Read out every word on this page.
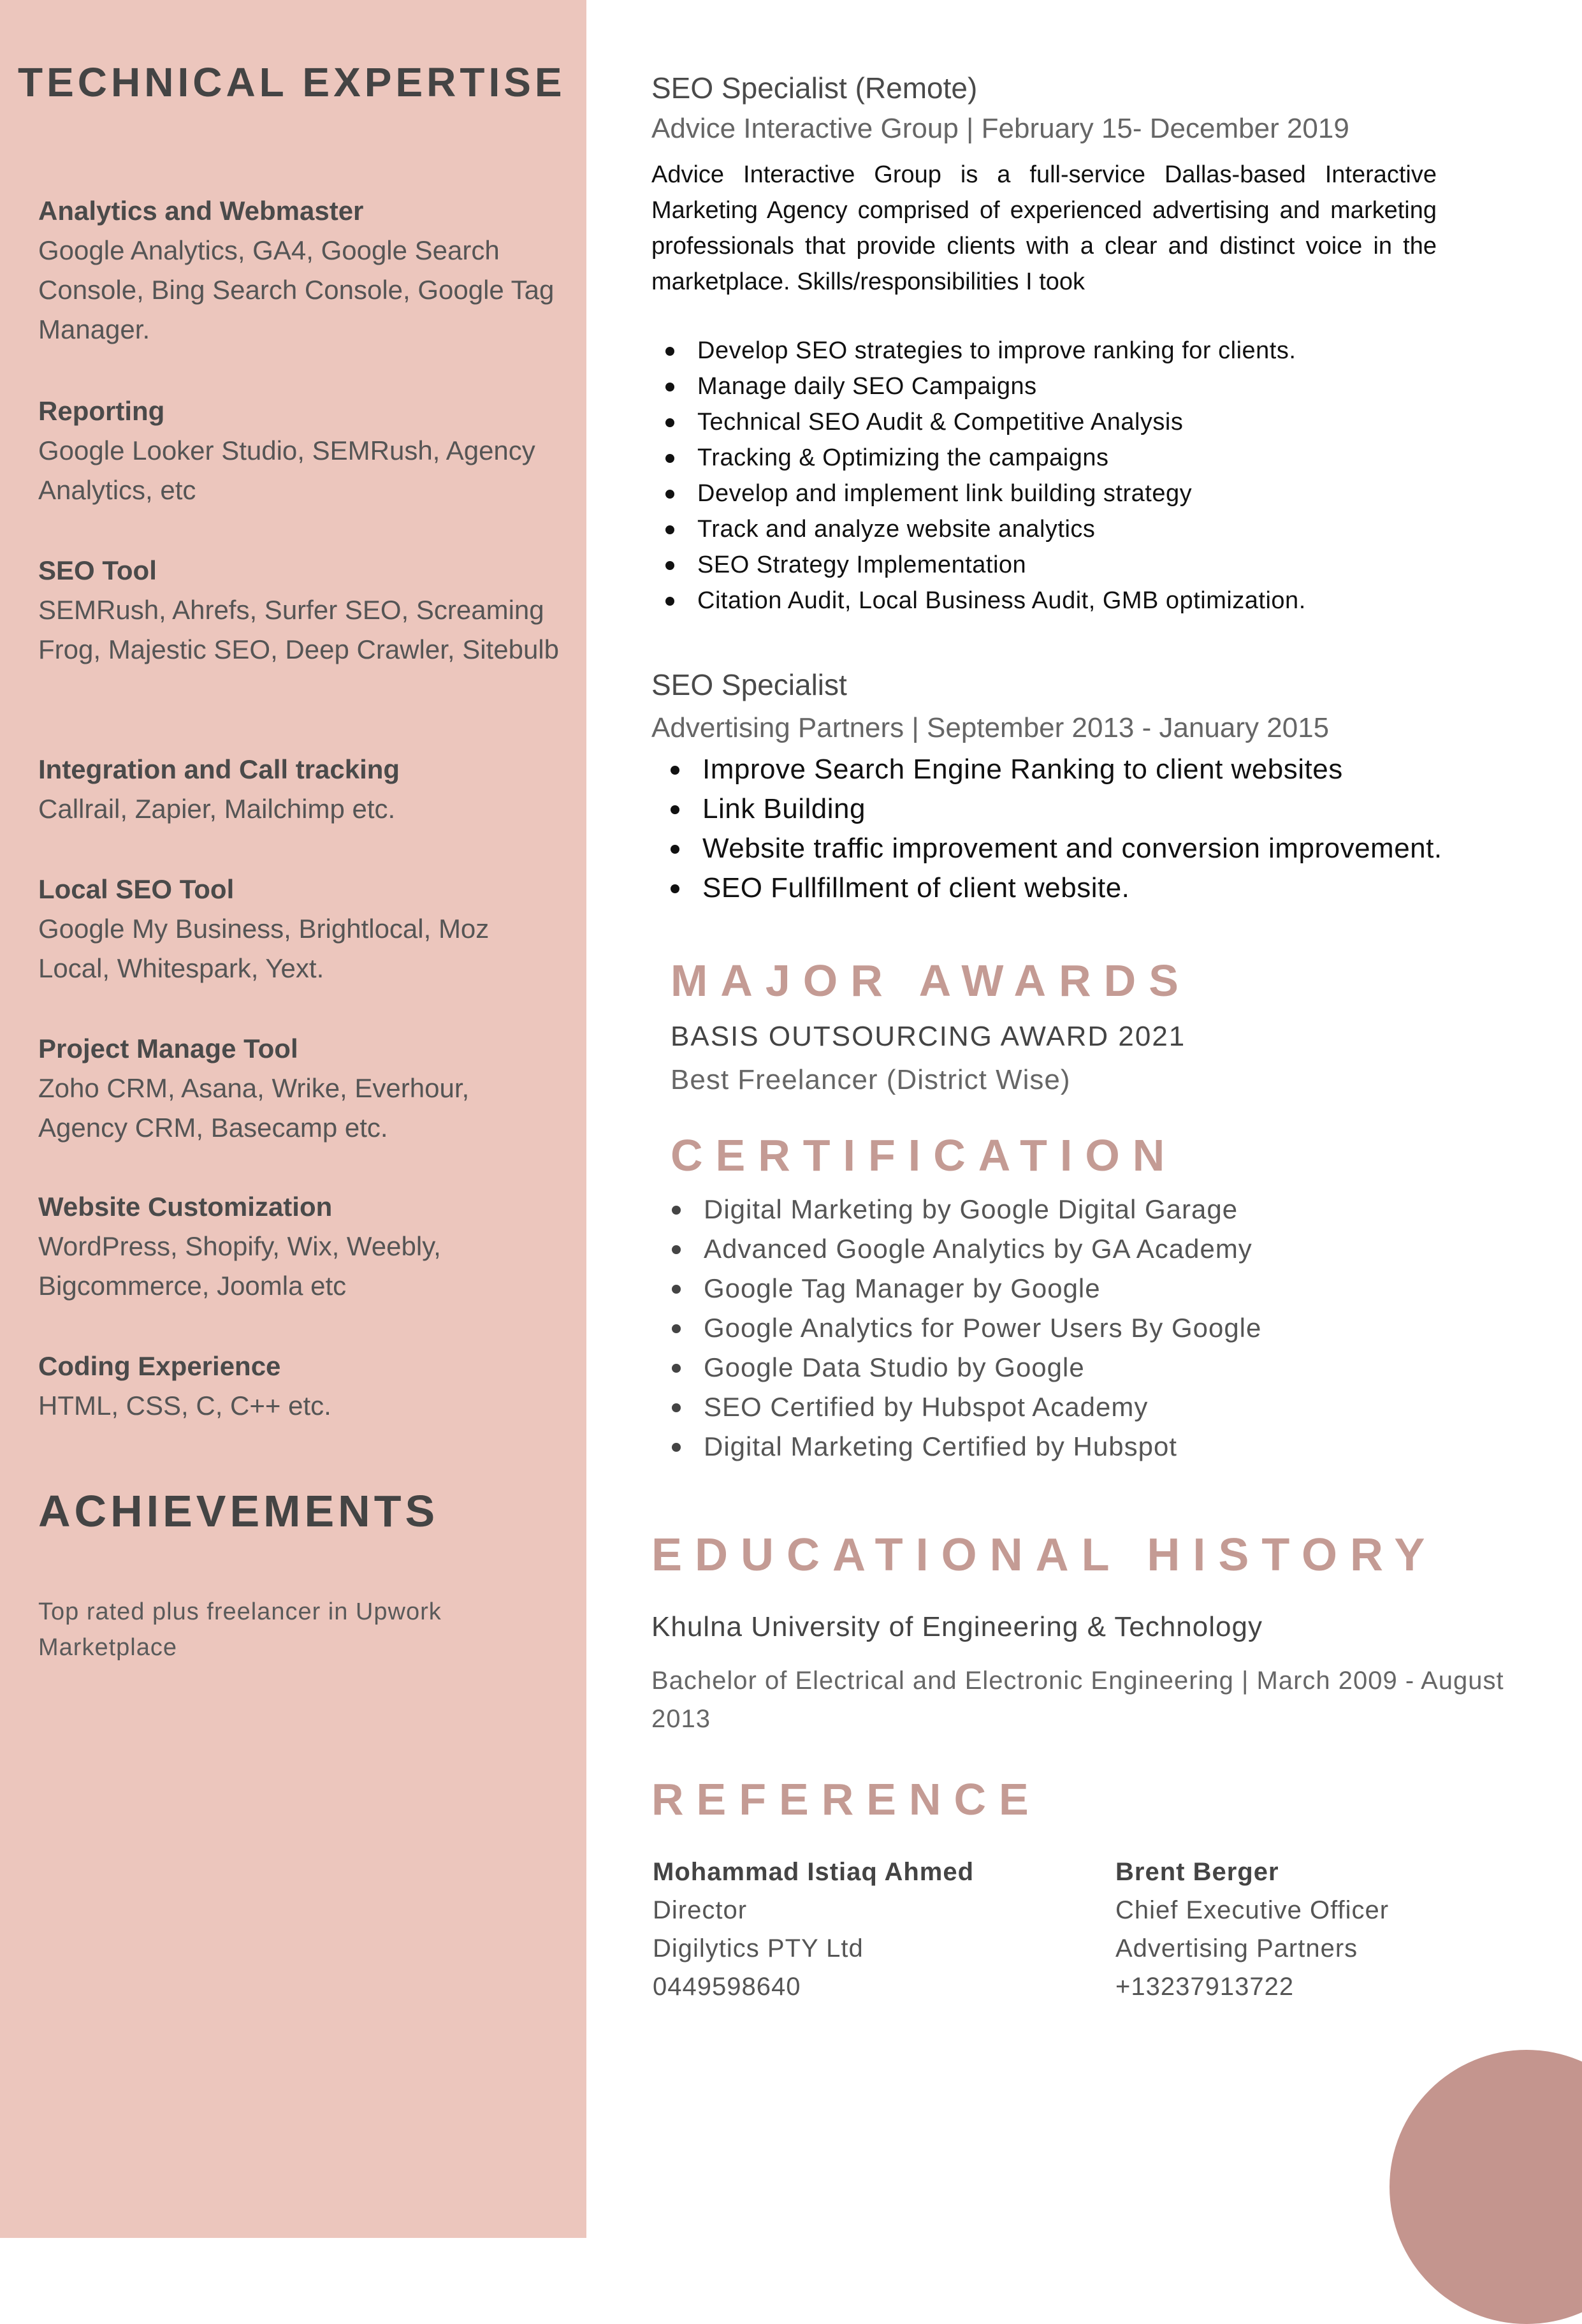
TECHNICAL EXPERTISE
Analytics and Webmaster
Google Analytics, GA4, Google Search Console, Bing Search Console, Google Tag Manager.
Reporting
Google Looker Studio, SEMRush, Agency Analytics, etc
SEO Tool
SEMRush, Ahrefs, Surfer SEO, Screaming Frog, Majestic SEO, Deep Crawler, Sitebulb
Integration and Call tracking
Callrail, Zapier, Mailchimp etc.
Local SEO Tool
Google My Business, Brightlocal, Moz Local, Whitespark, Yext.
Project Manage Tool
Zoho CRM, Asana, Wrike, Everhour, Agency CRM, Basecamp etc.
Website Customization
WordPress, Shopify, Wix, Weebly, Bigcommerce, Joomla etc
Coding Experience
HTML, CSS, C, C++ etc.
ACHIEVEMENTS
Top rated plus freelancer in Upwork Marketplace
SEO Specialist (Remote)
Advice Interactive Group | February 15- December 2019
Advice Interactive Group is a full-service Dallas-based Interactive Marketing Agency comprised of experienced advertising and marketing professionals that provide clients with a clear and distinct voice in the marketplace. Skills/responsibilities I took
Develop SEO strategies to improve ranking for clients.
Manage daily SEO Campaigns
Technical SEO Audit & Competitive Analysis
Tracking & Optimizing the campaigns
Develop and implement link building strategy
Track and analyze website analytics
SEO Strategy Implementation
Citation Audit, Local Business Audit, GMB optimization.
SEO Specialist
Advertising Partners | September 2013 - January 2015
Improve Search Engine Ranking to client websites
Link Building
Website traffic improvement and conversion improvement.
SEO Fullfillment of client website.
MAJOR AWARDS
BASIS OUTSOURCING AWARD 2021
Best Freelancer (District Wise)
CERTIFICATION
Digital Marketing by Google Digital Garage
Advanced Google Analytics by GA Academy
Google Tag Manager by Google
Google Analytics for Power Users By Google
Google Data Studio by Google
SEO Certified by Hubspot Academy
Digital Marketing Certified by Hubspot
EDUCATIONAL HISTORY
Khulna University of Engineering & Technology
Bachelor of Electrical and Electronic Engineering | March 2009 - August 2013
REFERENCE
Mohammad Istiaq Ahmed
Director
Digilytics PTY Ltd
0449598640
Brent Berger
Chief Executive Officer
Advertising Partners
+13237913722
